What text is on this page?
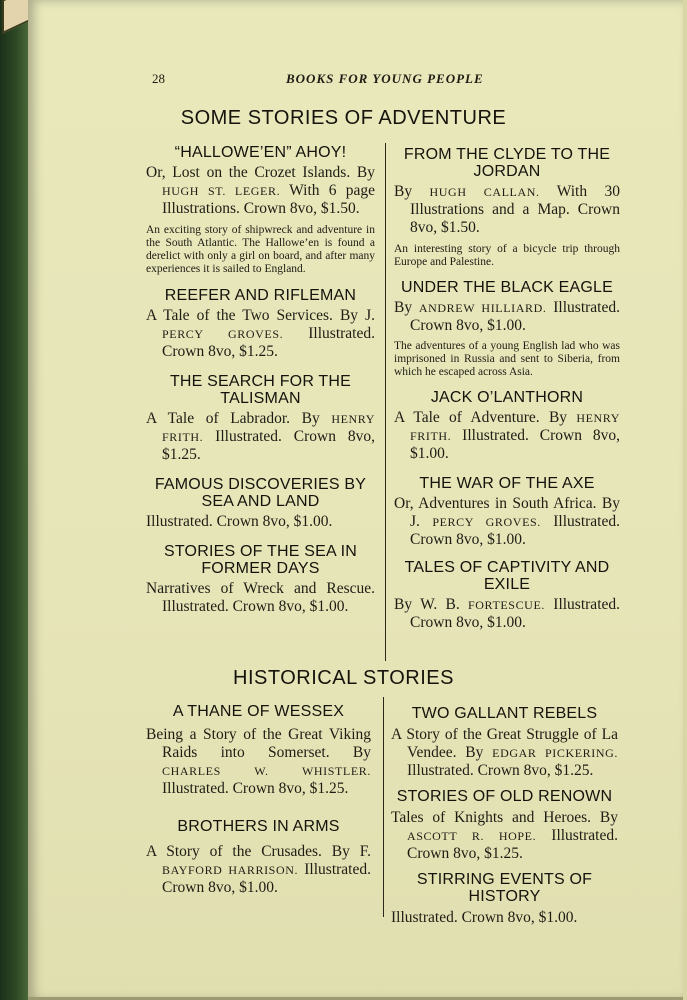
28	BOOKS FOR YOUNG PEOPLE
SOME STORIES OF ADVENTURE
HISTORICAL STORIES

“HALLOWE’EN” AHOY!

Or, Lost on the Crozet Islands. By HUGH ST. LEGER. With 6 page Illustrations. Crown 8vo, $1.50.

An exciting story of shipwreck and adventure in the South Atlantic. The Hallowe’en is found a derelict with only a girl on board, and after many experiences it is sailed to England.

REEFER AND RIFLEMAN

A Tale of the Two Services. By J. PERCY GROVES. Illustrated. Crown 8vo, $1.25.

THE SEARCH FOR THE TALISMAN

A Tale of Labrador. By HENRY FRITH. Illustrated. Crown 8vo, $1.25.

FAMOUS DISCOVERIES BY SEA AND LAND

Illustrated. Crown 8vo, $1.00.

STORIES OF THE SEA IN FORMER DAYS

Narratives of Wreck and Rescue. Illustrated. Crown 8vo, $1.00.

FROM THE CLYDE TO THE JORDAN

By HUGH CALLAN. With 30 Illustrations and a Map. Crown 8vo, $1.50.

An interesting story of a bicycle trip through Europe and Palestine.

UNDER THE BLACK EAGLE

By ANDREW HILLIARD. Illustrated. Crown 8vo, $1.00.

The adventures of a young English lad who was imprisoned in Russia and sent to Siberia, from which he escaped across Asia.

JACK O’LANTHORN

A Tale of Adventure. By HENRY FRITH. Illustrated. Crown 8vo, $1.00.

THE WAR OF THE AXE

Or, Adventures in South Africa. By J. PERCY GROVES. Illustrated. Crown 8vo, $1.00.

TALES OF CAPTIVITY AND EXILE

By W. B. FORTESCUE. Illustrated. Crown 8vo, $1.00.

A THANE OF WESSEX

Being a Story of the Great Viking Raids into Somerset. By CHARLES W. WHISTLER. Illustrated. Crown 8vo, $1.25.

BROTHERS IN ARMS

A Story of the Crusades. By F. BAYFORD HARRISON. Illustrated. Crown 8vo, $1.00.

TWO GALLANT REBELS

A Story of the Great Struggle of La Vendee. By EDGAR PICKERING. Illustrated. Crown 8vo, $1.25.

STORIES OF OLD RENOWN

Tales of Knights and Heroes. By ASCOTT R. HOPE. Illustrated. Crown 8vo, $1.25.

STIRRING EVENTS OF HISTORY

Illustrated. Crown 8vo, $1.00.
